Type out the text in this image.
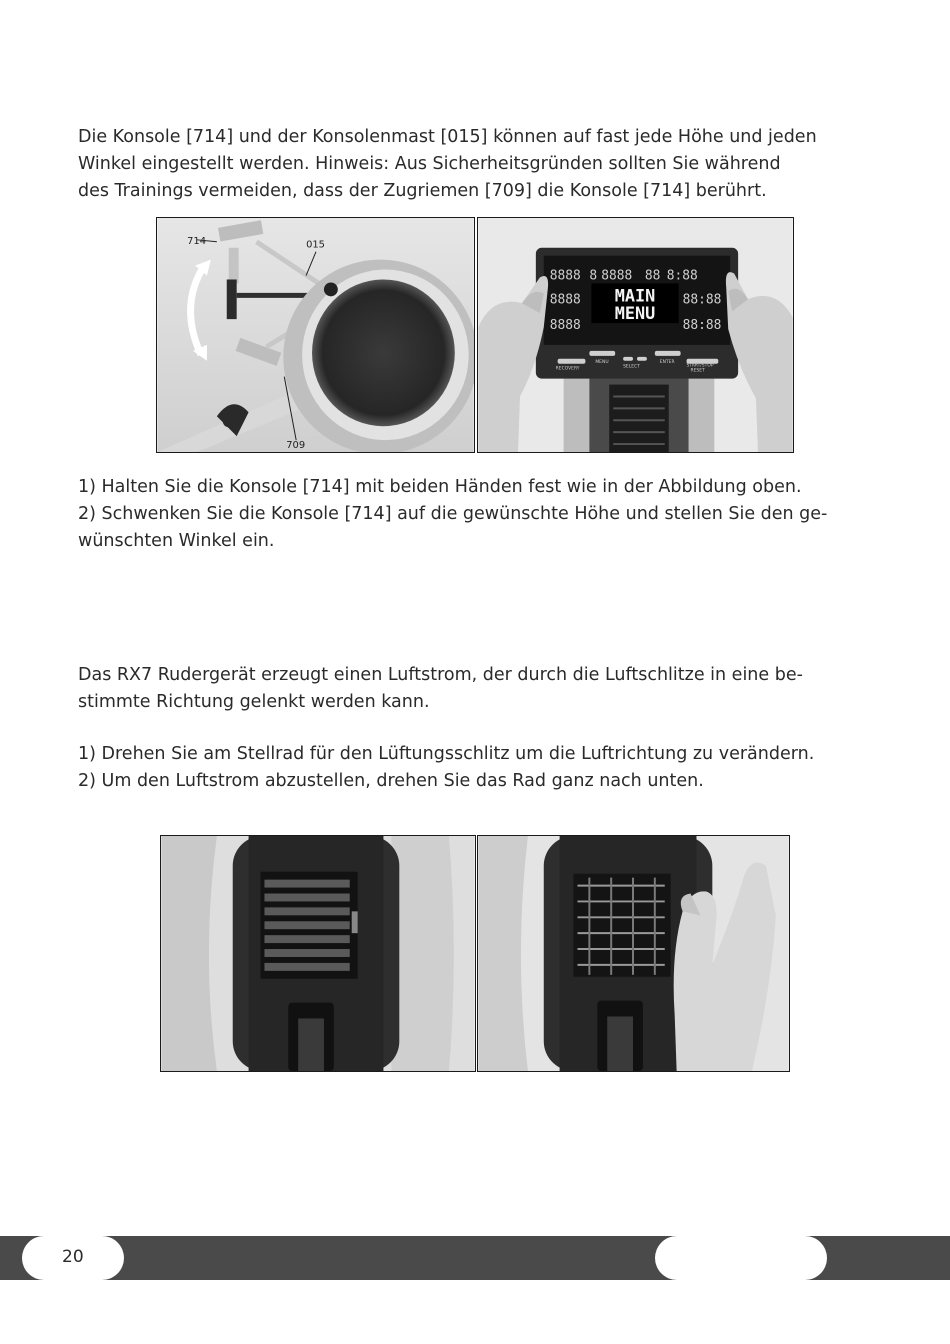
Die Konsole [714] und der Konsolenmast [015] können auf fast jede Höhe und jeden
Winkel eingestellt werden. Hinweis: Aus Sicherheitsgründen sollten Sie während
des Trainings vermeiden, dass der Zugriemen [709] die Konsole [714] berührt.

714	015
709
8888 8 8888 88 8:88
8888	88:88
8888	88:88
MAIN
MENU
MENU	ENTER
SELECT
RECOVERY
START/STOP
RESET

1) Halten Sie die Konsole [714] mit beiden Händen fest wie in der Abbildung oben.
2) Schwenken Sie die Konsole [714] auf die gewünschte Höhe und stellen Sie den ge-
wünschten Winkel ein.

Das RX7 Rudergerät erzeugt einen Luftstrom, der durch die Luftschlitze in eine be-
stimmte Richtung gelenkt werden kann.

1) Drehen Sie am Stellrad für den Lüftungsschlitz um die Luftrichtung zu verändern.
2) Um den Luftstrom abzustellen, drehen Sie das Rad ganz nach unten.

20
